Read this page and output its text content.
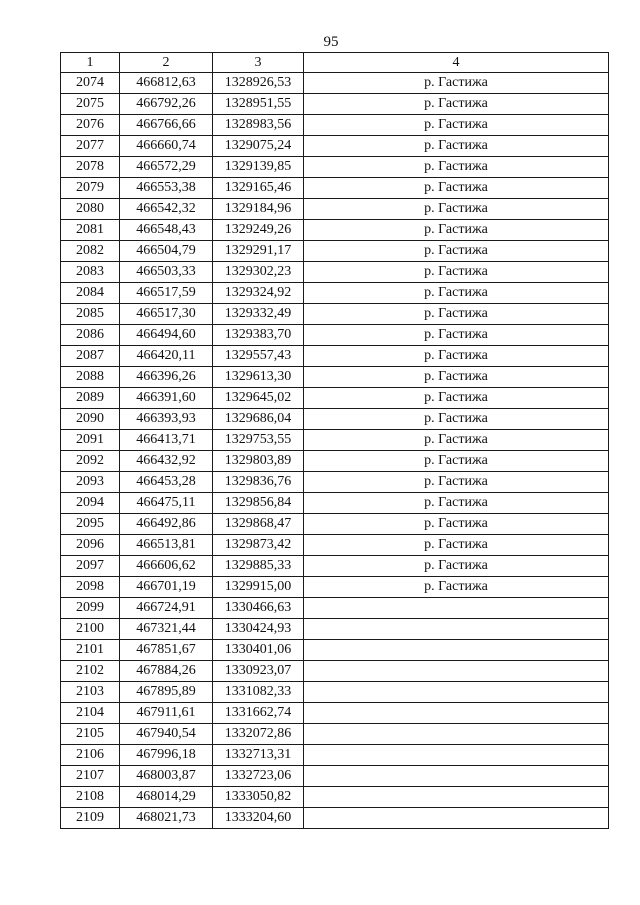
95
1	2	3	4
2074	466812,63	1328926,53	р. Гастижа
2075	466792,26	1328951,55	р. Гастижа
2076	466766,66	1328983,56	р. Гастижа
2077	466660,74	1329075,24	р. Гастижа
2078	466572,29	1329139,85	р. Гастижа
2079	466553,38	1329165,46	р. Гастижа
2080	466542,32	1329184,96	р. Гастижа
2081	466548,43	1329249,26	р. Гастижа
2082	466504,79	1329291,17	р. Гастижа
2083	466503,33	1329302,23	р. Гастижа
2084	466517,59	1329324,92	р. Гастижа
2085	466517,30	1329332,49	р. Гастижа
2086	466494,60	1329383,70	р. Гастижа
2087	466420,11	1329557,43	р. Гастижа
2088	466396,26	1329613,30	р. Гастижа
2089	466391,60	1329645,02	р. Гастижа
2090	466393,93	1329686,04	р. Гастижа
2091	466413,71	1329753,55	р. Гастижа
2092	466432,92	1329803,89	р. Гастижа
2093	466453,28	1329836,76	р. Гастижа
2094	466475,11	1329856,84	р. Гастижа
2095	466492,86	1329868,47	р. Гастижа
2096	466513,81	1329873,42	р. Гастижа
2097	466606,62	1329885,33	р. Гастижа
2098	466701,19	1329915,00	р. Гастижа
2099	466724,91	1330466,63	
2100	467321,44	1330424,93	
2101	467851,67	1330401,06	
2102	467884,26	1330923,07	
2103	467895,89	1331082,33	
2104	467911,61	1331662,74	
2105	467940,54	1332072,86	
2106	467996,18	1332713,31	
2107	468003,87	1332723,06	
2108	468014,29	1333050,82	
2109	468021,73	1333204,60	
